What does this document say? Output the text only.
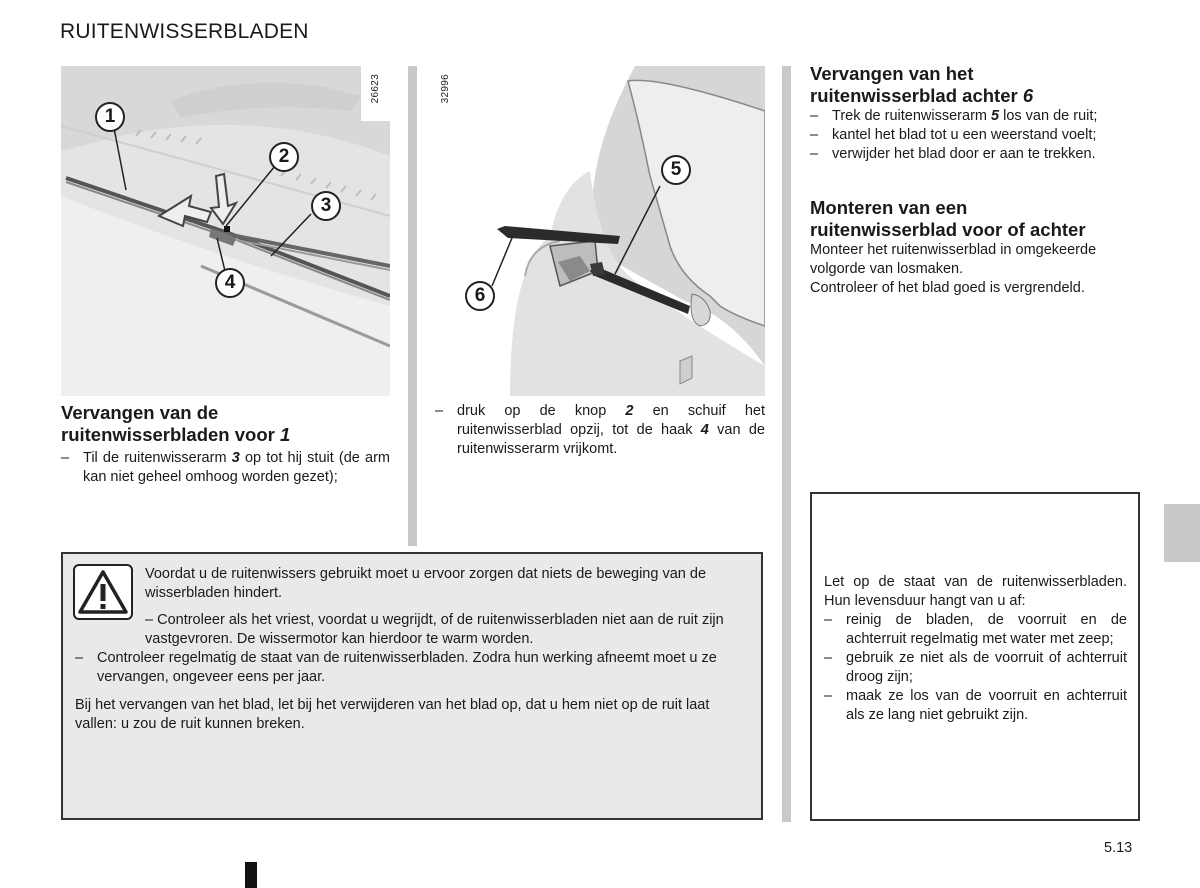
RUITENWISSERBLADEN
1
2
3
4
26623
5
6
32996
Vervangen van de
ruitenwisserbladen voor 1
– Til de ruitenwisserarm 3 op tot hij stuit (de arm kan niet geheel omhoog worden gezet);
– druk op de knop 2 en schuif het ruitenwisserblad opzij, tot de haak 4 van de ruitenwisserarm vrijkomt.
Vervangen van het
ruitenwisserblad achter 6
– Trek de ruitenwisserarm 5 los van de ruit;
– kantel het blad tot u een weerstand voelt;
– verwijder het blad door er aan te trekken.
Monteren van een
ruitenwisserblad voor of achter
Monteer het ruitenwisserblad in omgekeerde volgorde van losmaken.
Controleer of het blad goed is vergrendeld.
Voordat u de ruitenwissers gebruikt moet u ervoor zorgen dat niets de beweging van de wisserbladen hindert.
– Controleer als het vriest, voordat u wegrijdt, of de ruitenwisserbladen niet aan de ruit zijn vastgevroren. De wissermotor kan hierdoor te warm worden.
– Controleer regelmatig de staat van de ruitenwisserbladen. Zodra hun werking afneemt moet u ze vervangen, ongeveer eens per jaar.
Bij het vervangen van het blad, let bij het verwijderen van het blad op, dat u hem niet op de ruit laat vallen: u zou de ruit kunnen breken.
Let op de staat van de ruitenwisserbladen. Hun levensduur hangt van u af:
– reinig de bladen, de voorruit en de achterruit regelmatig met water met zeep;
– gebruik ze niet als de voorruit of achterruit droog zijn;
– maak ze los van de voorruit en achterruit als ze lang niet gebruikt zijn.
5.13
